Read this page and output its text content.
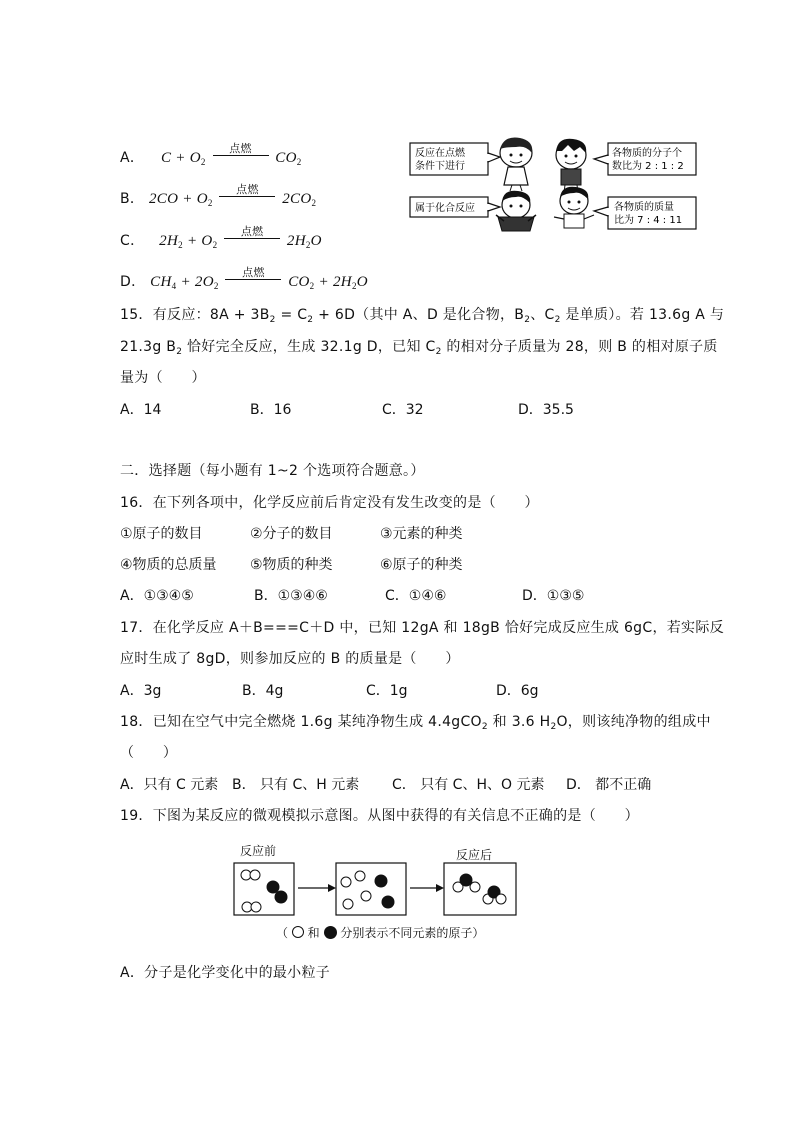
A． $C + O_2$
点燃
$CO_2$
B． $2CO + O_2$
点燃
$2CO_2$
C． $2H_2 + O_2$
点燃
$2H_2O$
D． $CH_4 + 2O_2$
点燃
$CO_2 + 2H_2O$
反应在点燃
条件下进行
各物质的分子个
数比为 2 : 1 : 2
属于化合反应	各物质的质量
比为 7 : 4 : 11
15．有反应：$8A + 3B_2 = C_2 + 6D$（其中 A、D 是化合物，$B_2$、$C_2$ 是单质）。若 13.6g A 与
21.3g $B_2$ 恰好完全反应，生成 32.1g D，已知 $C_2$ 的相对分子质量为 28，则 B 的相对原子质
量为（　　）
A．14	B．16	C．32	D．35.5
二．选择题（每小题有 1~2 个选项符合题意。）
16．在下列各项中，化学反应前后肯定没有发生改变的是（　　）
①原子的数目	②分子的数目	③元素的种类
④物质的总质量 ⑤物质的种类	⑥原子的种类
A．①③④⑤	B．①③④⑥	C．①④⑥	D．①③⑤
17．在化学反应 A＋B===C＋D 中，已知 12gA 和 18gB 恰好完成反应生成 6gC，若实际反
应时生成了 8gD，则参加反应的 B 的质量是（　　）
A．3g	B．4g	C．1g	D．6g
18．已知在空气中完全燃烧 1.6g 某纯净物生成 4.4gCO$_2$ 和 3.6 $H_2O$，则该纯净物的组成中
（　　）
A．只有 C 元素 B． 只有 C、H 元素 C． 只有 C、H、O 元素 D． 都不正确
19．下图为某反应的微观模拟示意图。从图中获得的有关信息不正确的是（　　）
反应前	反应后
（ 和 分别表示不同元素的原子）
A．分子是化学变化中的最小粒子
